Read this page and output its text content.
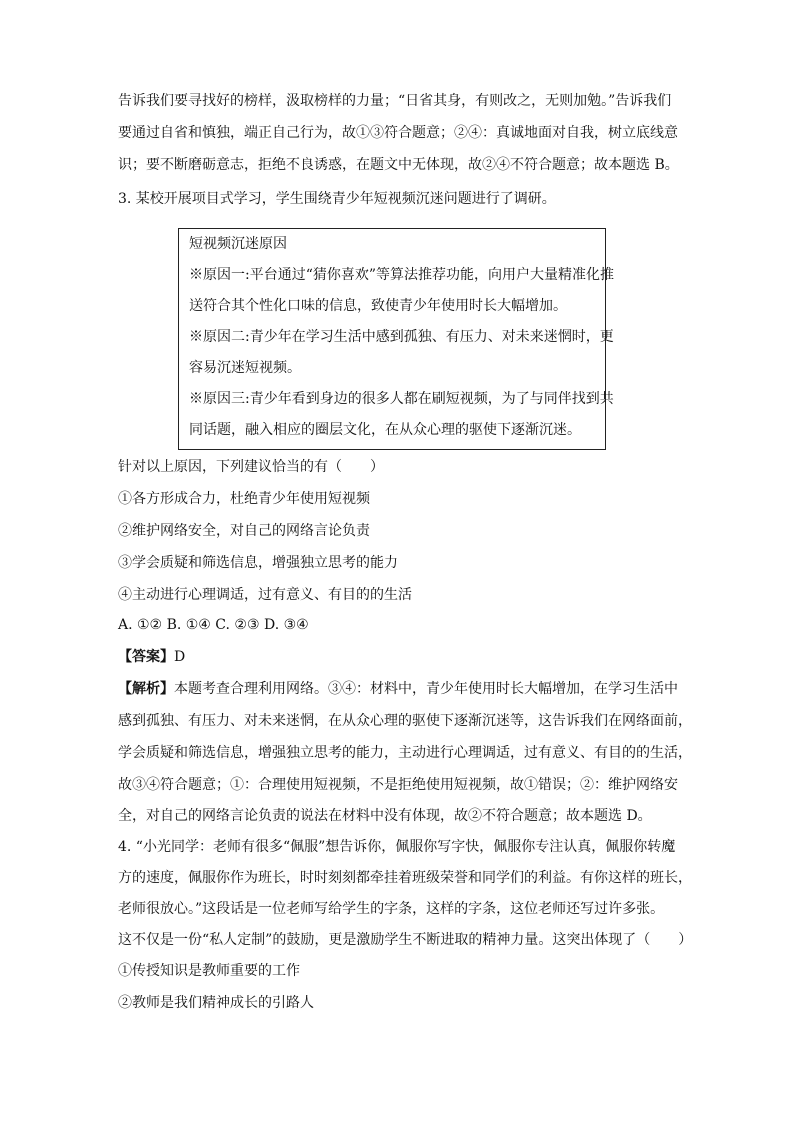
告诉我们要寻找好的榜样，汲取榜样的力量；“日省其身，有则改之，无则加勉。”告诉我们
要通过自省和慎独，端正自己行为，故①③符合题意；②④：真诚地面对自我，树立底线意
识；要不断磨砺意志，拒绝不良诱惑，在题文中无体现，故②④不符合题意；故本题选 B。
3. 某校开展项目式学习，学生围绕青少年短视频沉迷问题进行了调研。
短视频沉迷原因
※原因一:平台通过“猜你喜欢”等算法推荐功能，向用户大量精准化推
送符合其个性化口味的信息，致使青少年使用时长大幅增加。
※原因二:青少年在学习生活中感到孤独、有压力、对未来迷惘时，更
容易沉迷短视频。
※原因三:青少年看到身边的很多人都在刷短视频，为了与同伴找到共
同话题，融入相应的圈层文化，在从众心理的驱使下逐渐沉迷。
针对以上原因，下列建议恰当的有（　　）
①各方形成合力，杜绝青少年使用短视频
②维护网络安全，对自己的网络言论负责
③学会质疑和筛选信息，增强独立思考的能力
④主动进行心理调适，过有意义、有目的的生活
A. ①② B. ①④ C. ②③ D. ③④
【答案】D
【解析】本题考查合理利用网络。③④：材料中，青少年使用时长大幅增加，在学习生活中
感到孤独、有压力、对未来迷惘，在从众心理的驱使下逐渐沉迷等，这告诉我们在网络面前，
学会质疑和筛选信息，增强独立思考的能力，主动进行心理调适，过有意义、有目的的生活，
故③④符合题意；①：合理使用短视频，不是拒绝使用短视频，故①错误；②：维护网络安
全，对自己的网络言论负责的说法在材料中没有体现，故②不符合题意；故本题选 D。
4. “小光同学：老师有很多“佩服”想告诉你，佩服你写字快，佩服你专注认真，佩服你转魔
方的速度，佩服你作为班长，时时刻刻都牵挂着班级荣誉和同学们的利益。有你这样的班长，
老师很放心。”这段话是一位老师写给学生的字条，这样的字条，这位老师还写过许多张。
这不仅是一份“私人定制”的鼓励，更是激励学生不断进取的精神力量。这突出体现了（　　）
①传授知识是教师重要的工作
②教师是我们精神成长的引路人
